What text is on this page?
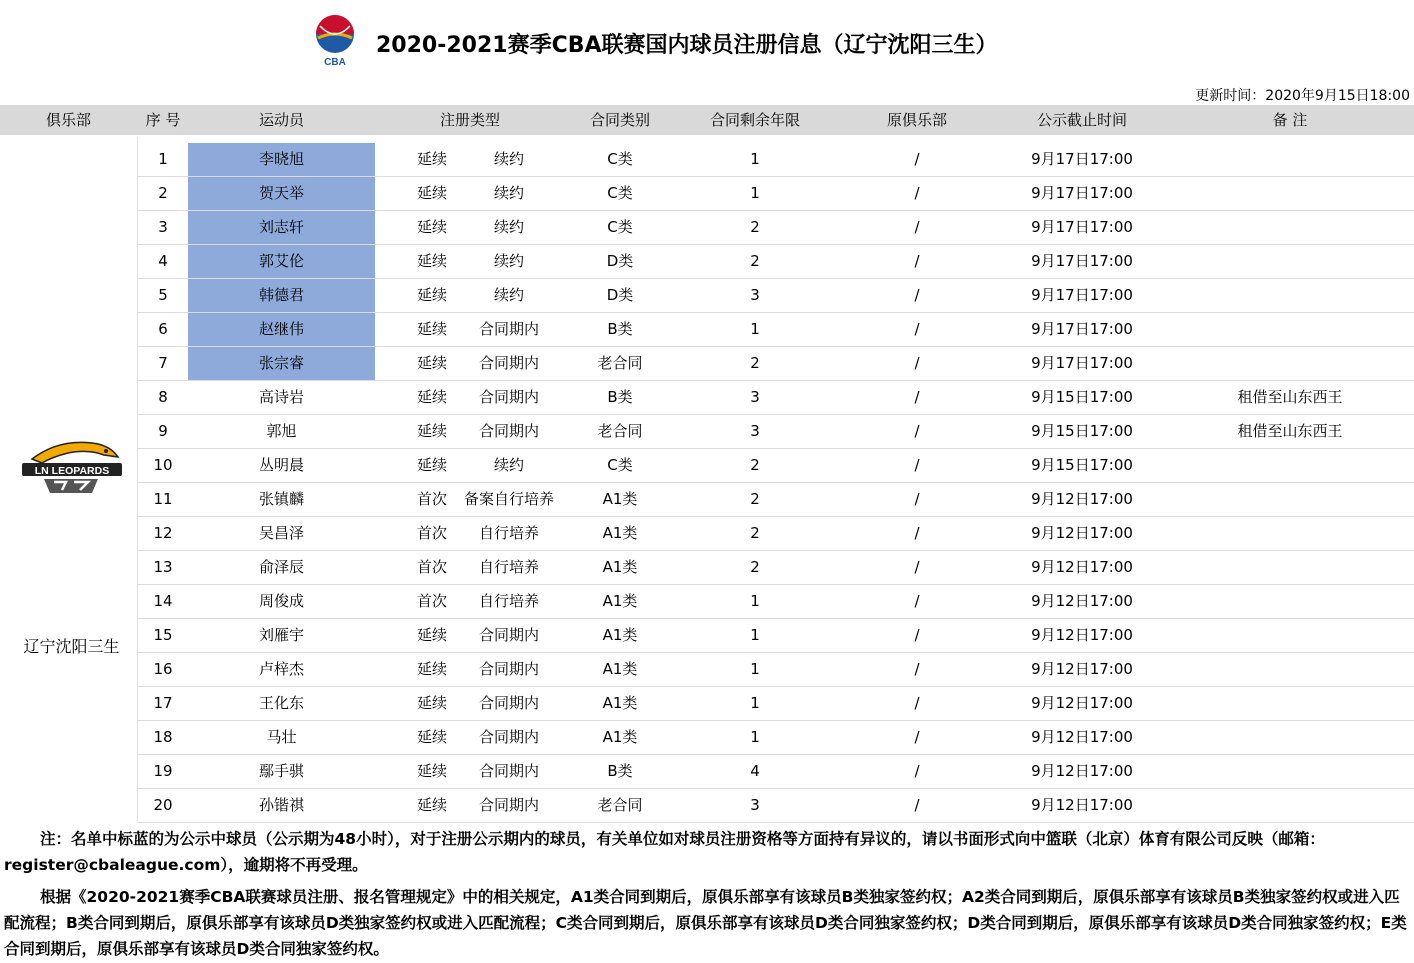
CBA
2020-2021赛季CBA联赛国内球员注册信息（辽宁沈阳三生）
更新时间：2020年9月15日18:00
俱乐部	序 号	运动员	注册类型	合同类别	合同剩余年限	原俱乐部	公示截止时间	备 注
LN LEOPARDS
辽宁沈阳三生
1	李晓旭	延续	续约	C类	1	/	9月17日17:00
2	贺天举	延续	续约	C类	1	/	9月17日17:00
3	刘志轩	延续	续约	C类	2	/	9月17日17:00
4	郭艾伦	延续	续约	D类	2	/	9月17日17:00
5	韩德君	延续	续约	D类	3	/	9月17日17:00
6	赵继伟	延续	合同期内	B类	1	/	9月17日17:00
7	张宗睿	延续	合同期内	老合同	2	/	9月17日17:00
8	高诗岩	延续	合同期内	B类	3	/	9月15日17:00	租借至山东西王
9	郭旭	延续	合同期内	老合同	3	/	9月15日17:00	租借至山东西王
10	丛明晨	延续	续约	C类	2	/	9月15日17:00
11	张镇麟	首次	备案自行培养	A1类	2	/	9月12日17:00
12	吴昌泽	首次	自行培养	A1类	2	/	9月12日17:00
13	俞泽辰	首次	自行培养	A1类	2	/	9月12日17:00
14	周俊成	首次	自行培养	A1类	1	/	9月12日17:00
15	刘雁宇	延续	合同期内	A1类	1	/	9月12日17:00
16	卢梓杰	延续	合同期内	A1类	1	/	9月12日17:00
17	王化东	延续	合同期内	A1类	1	/	9月12日17:00
18	马壮	延续	合同期内	A1类	1	/	9月12日17:00
19	鄢手骐	延续	合同期内	B类	4	/	9月12日17:00
20	孙锴祺	延续	合同期内	老合同	3	/	9月12日17:00

注：名单中标蓝的为公示中球员（公示期为48小时），对于注册公示期内的球员，有关单位如对球员注册资格等方面持有异议的，请以书面形式向中篮联（北京）体育有限公司反映（邮箱：register@cbaleague.com），逾期将不再受理。

根据《2020-2021赛季CBA联赛球员注册、报名管理规定》中的相关规定，A1类合同到期后，原俱乐部享有该球员B类独家签约权；A2类合同到期后，原俱乐部享有该球员B类独家签约权或进入匹配流程；B类合同到期后，原俱乐部享有该球员D类独家签约权或进入匹配流程；C类合同到期后，原俱乐部享有该球员D类合同独家签约权；D类合同到期后，原俱乐部享有该球员D类合同独家签约权；E类合同到期后，原俱乐部享有该球员D类合同独家签约权。
